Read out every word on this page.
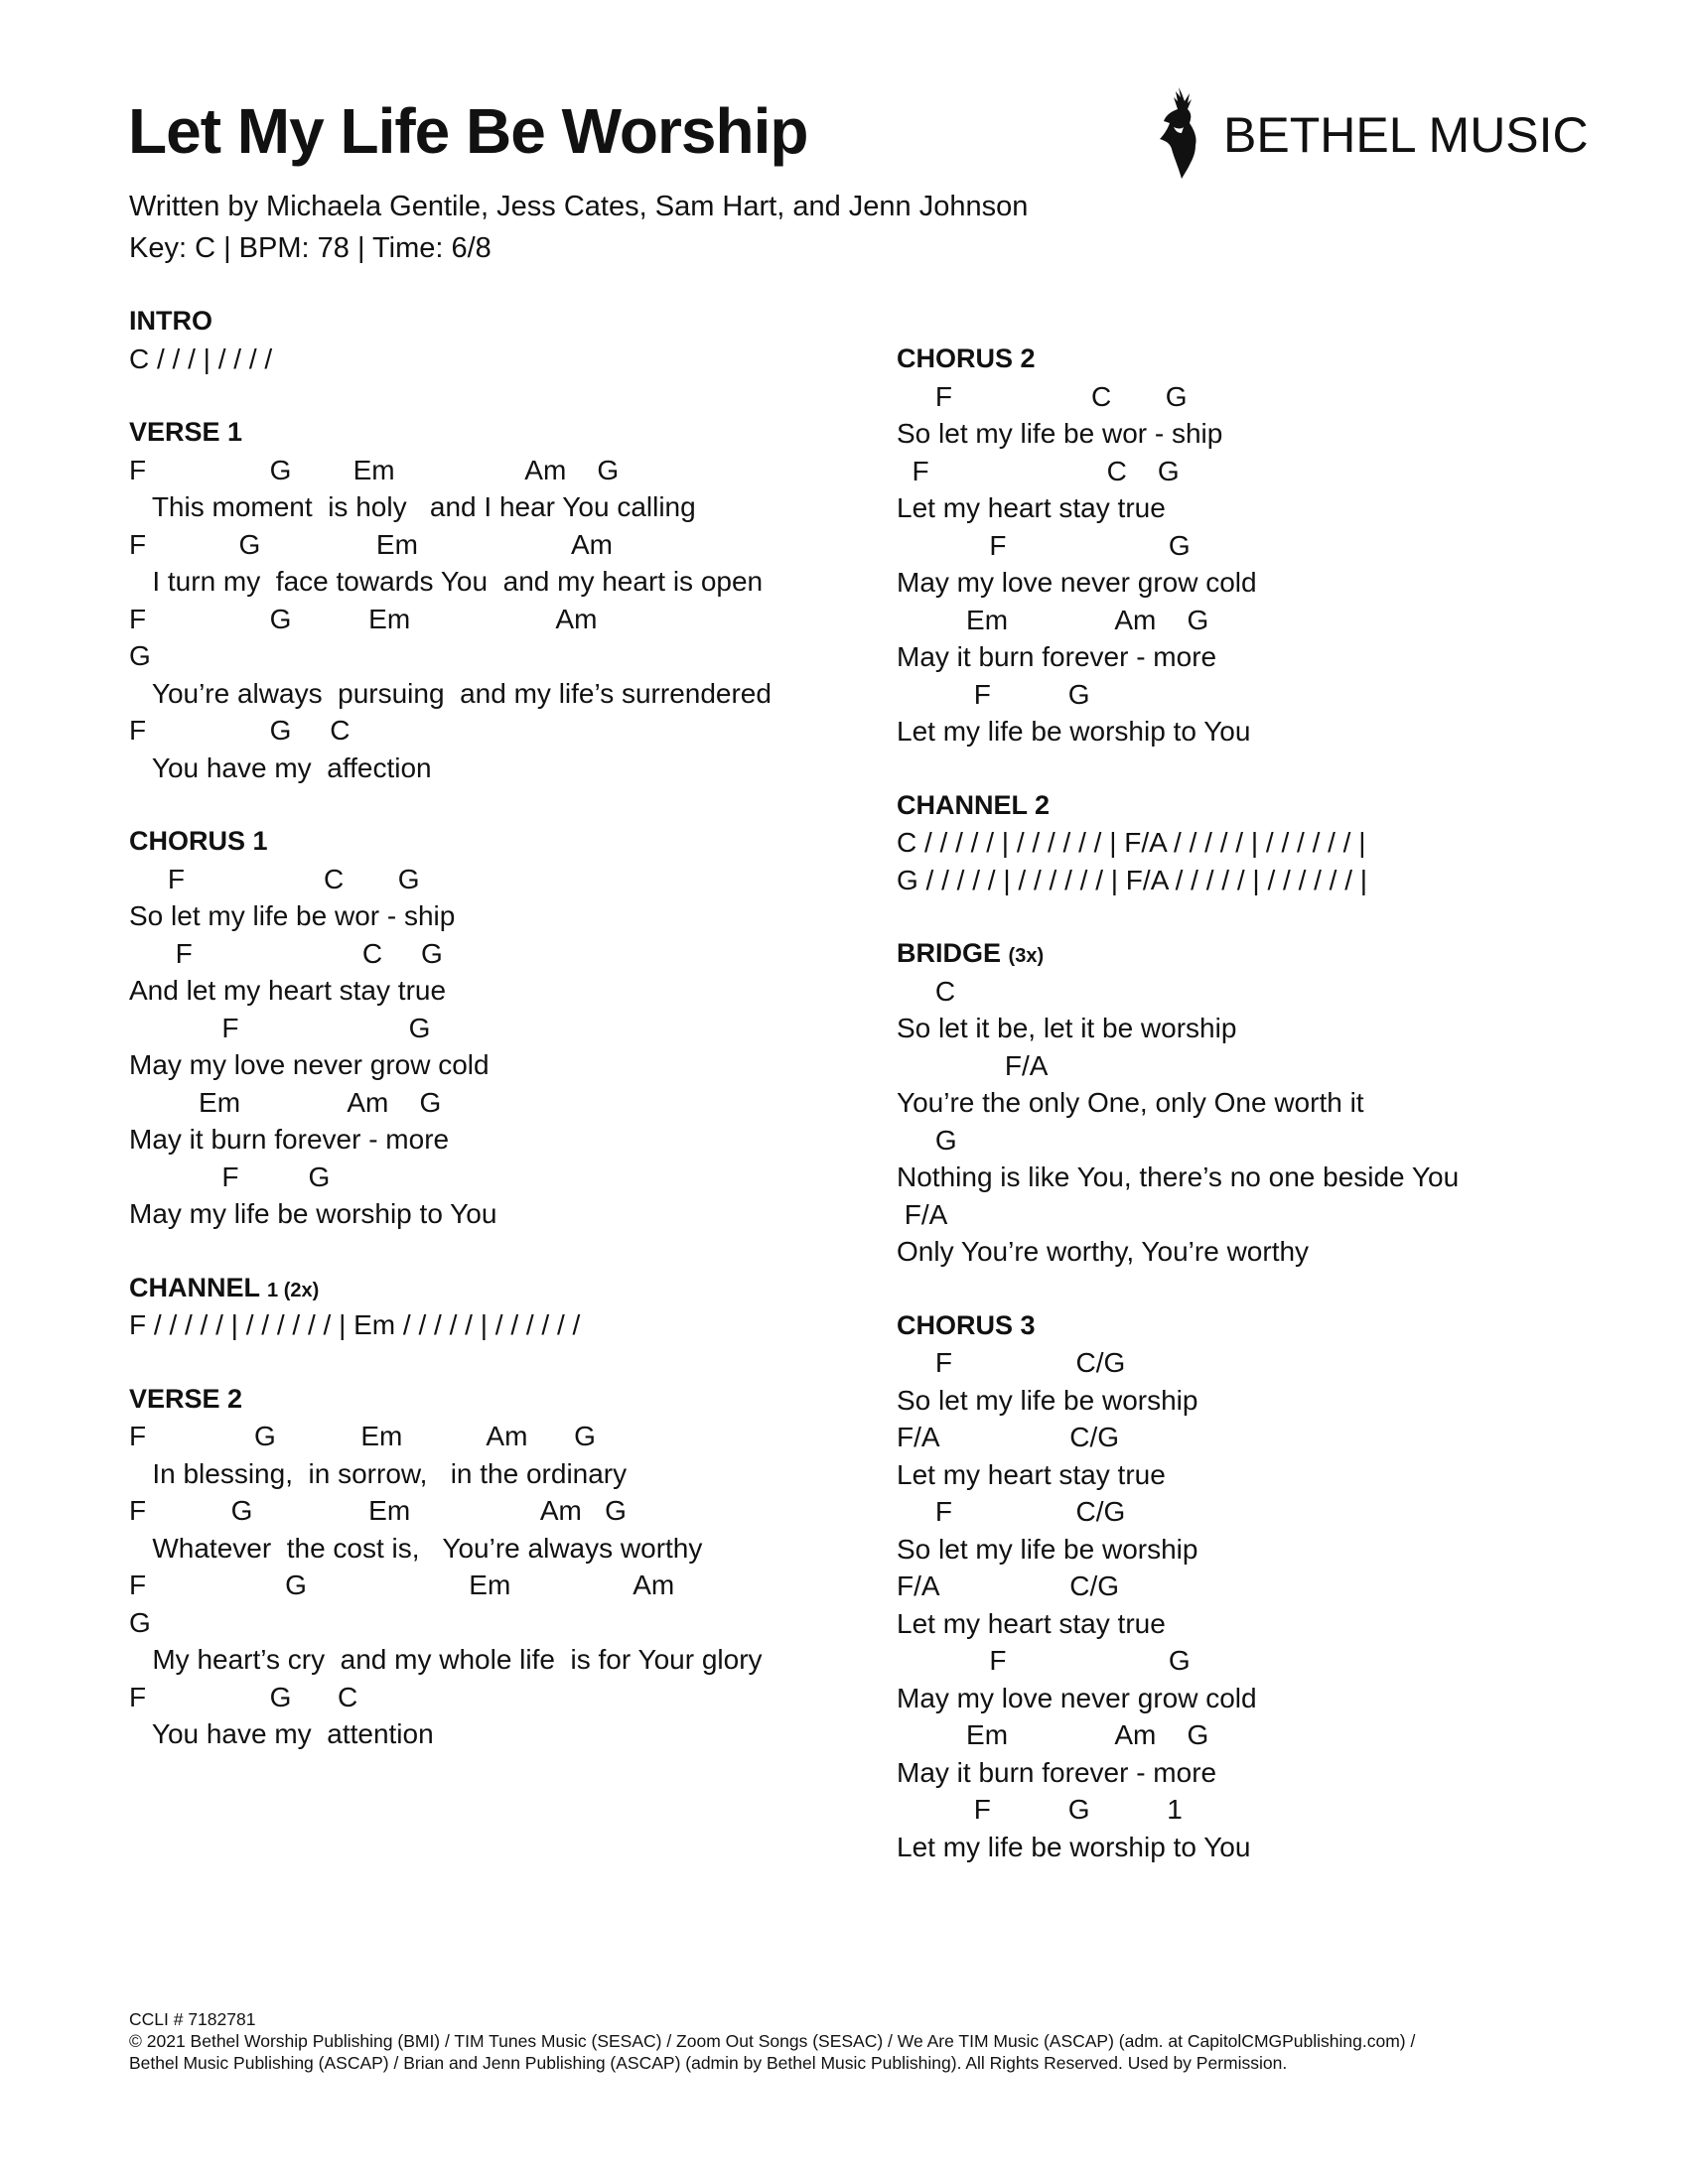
Let My Life Be Worship

Written by Michaela Gentile, Jess Cates, Sam Hart, and Jenn Johnson

Key: C | BPM: 78 | Time: 6/8

BETHEL MUSIC

INTRO

C / / / | / / / /

VERSE 1

F                G        Em                 Am    G

This moment  is holy   and I hear You calling

F            G               Em                    Am

I turn my  face towards You  and my heart is open

F                G          Em                   Am

G

You’re always  pursuing  and my life’s surrendered

F                G     C

You have my  affection

CHORUS 1

F                  C       G

So let my life be wor - ship

F                      C     G

And let my heart stay true

F                      G

May my love never grow cold

Em              Am    G

May it burn forever - more

F         G

May my life be worship to You

CHANNEL 1 (2x)

F / / / / / | / / / / / / | Em / / / / / | / / / / / /

VERSE 2

F              G           Em           Am      G

In blessing,  in sorrow,   in the ordinary

F           G               Em                 Am   G

Whatever  the cost is,   You’re always worthy

F                  G                     Em                Am

G

My heart’s cry  and my whole life  is for Your glory

F                G      C

You have my  attention

CHORUS 2

F                  C       G

So let my life be wor - ship

F                       C    G

Let my heart stay true

F                     G

May my love never grow cold

Em              Am    G

May it burn forever - more

F          G

Let my life be worship to You

CHANNEL 2

C / / / / / | / / / / / / | F/A / / / / / | / / / / / / |

G / / / / / | / / / / / / | F/A / / / / / | / / / / / / |

BRIDGE (3x)

C

So let it be, let it be worship

F/A

You’re the only One, only One worth it

G

Nothing is like You, there’s no one beside You

F/A

Only You’re worthy, You’re worthy

CHORUS 3

F                C/G

So let my life be worship

F/A                 C/G

Let my heart stay true

F                C/G

So let my life be worship

F/A                 C/G

Let my heart stay true

F                     G

May my love never grow cold

Em              Am    G

May it burn forever - more

F          G          1

Let my life be worship to You

CCLI # 7182781

© 2021 Bethel Worship Publishing (BMI) / TIM Tunes Music (SESAC) / Zoom Out Songs (SESAC) / We Are TIM Music (ASCAP) (adm. at CapitolCMGPublishing.com) /

Bethel Music Publishing (ASCAP) / Brian and Jenn Publishing (ASCAP) (admin by Bethel Music Publishing). All Rights Reserved. Used by Permission.
